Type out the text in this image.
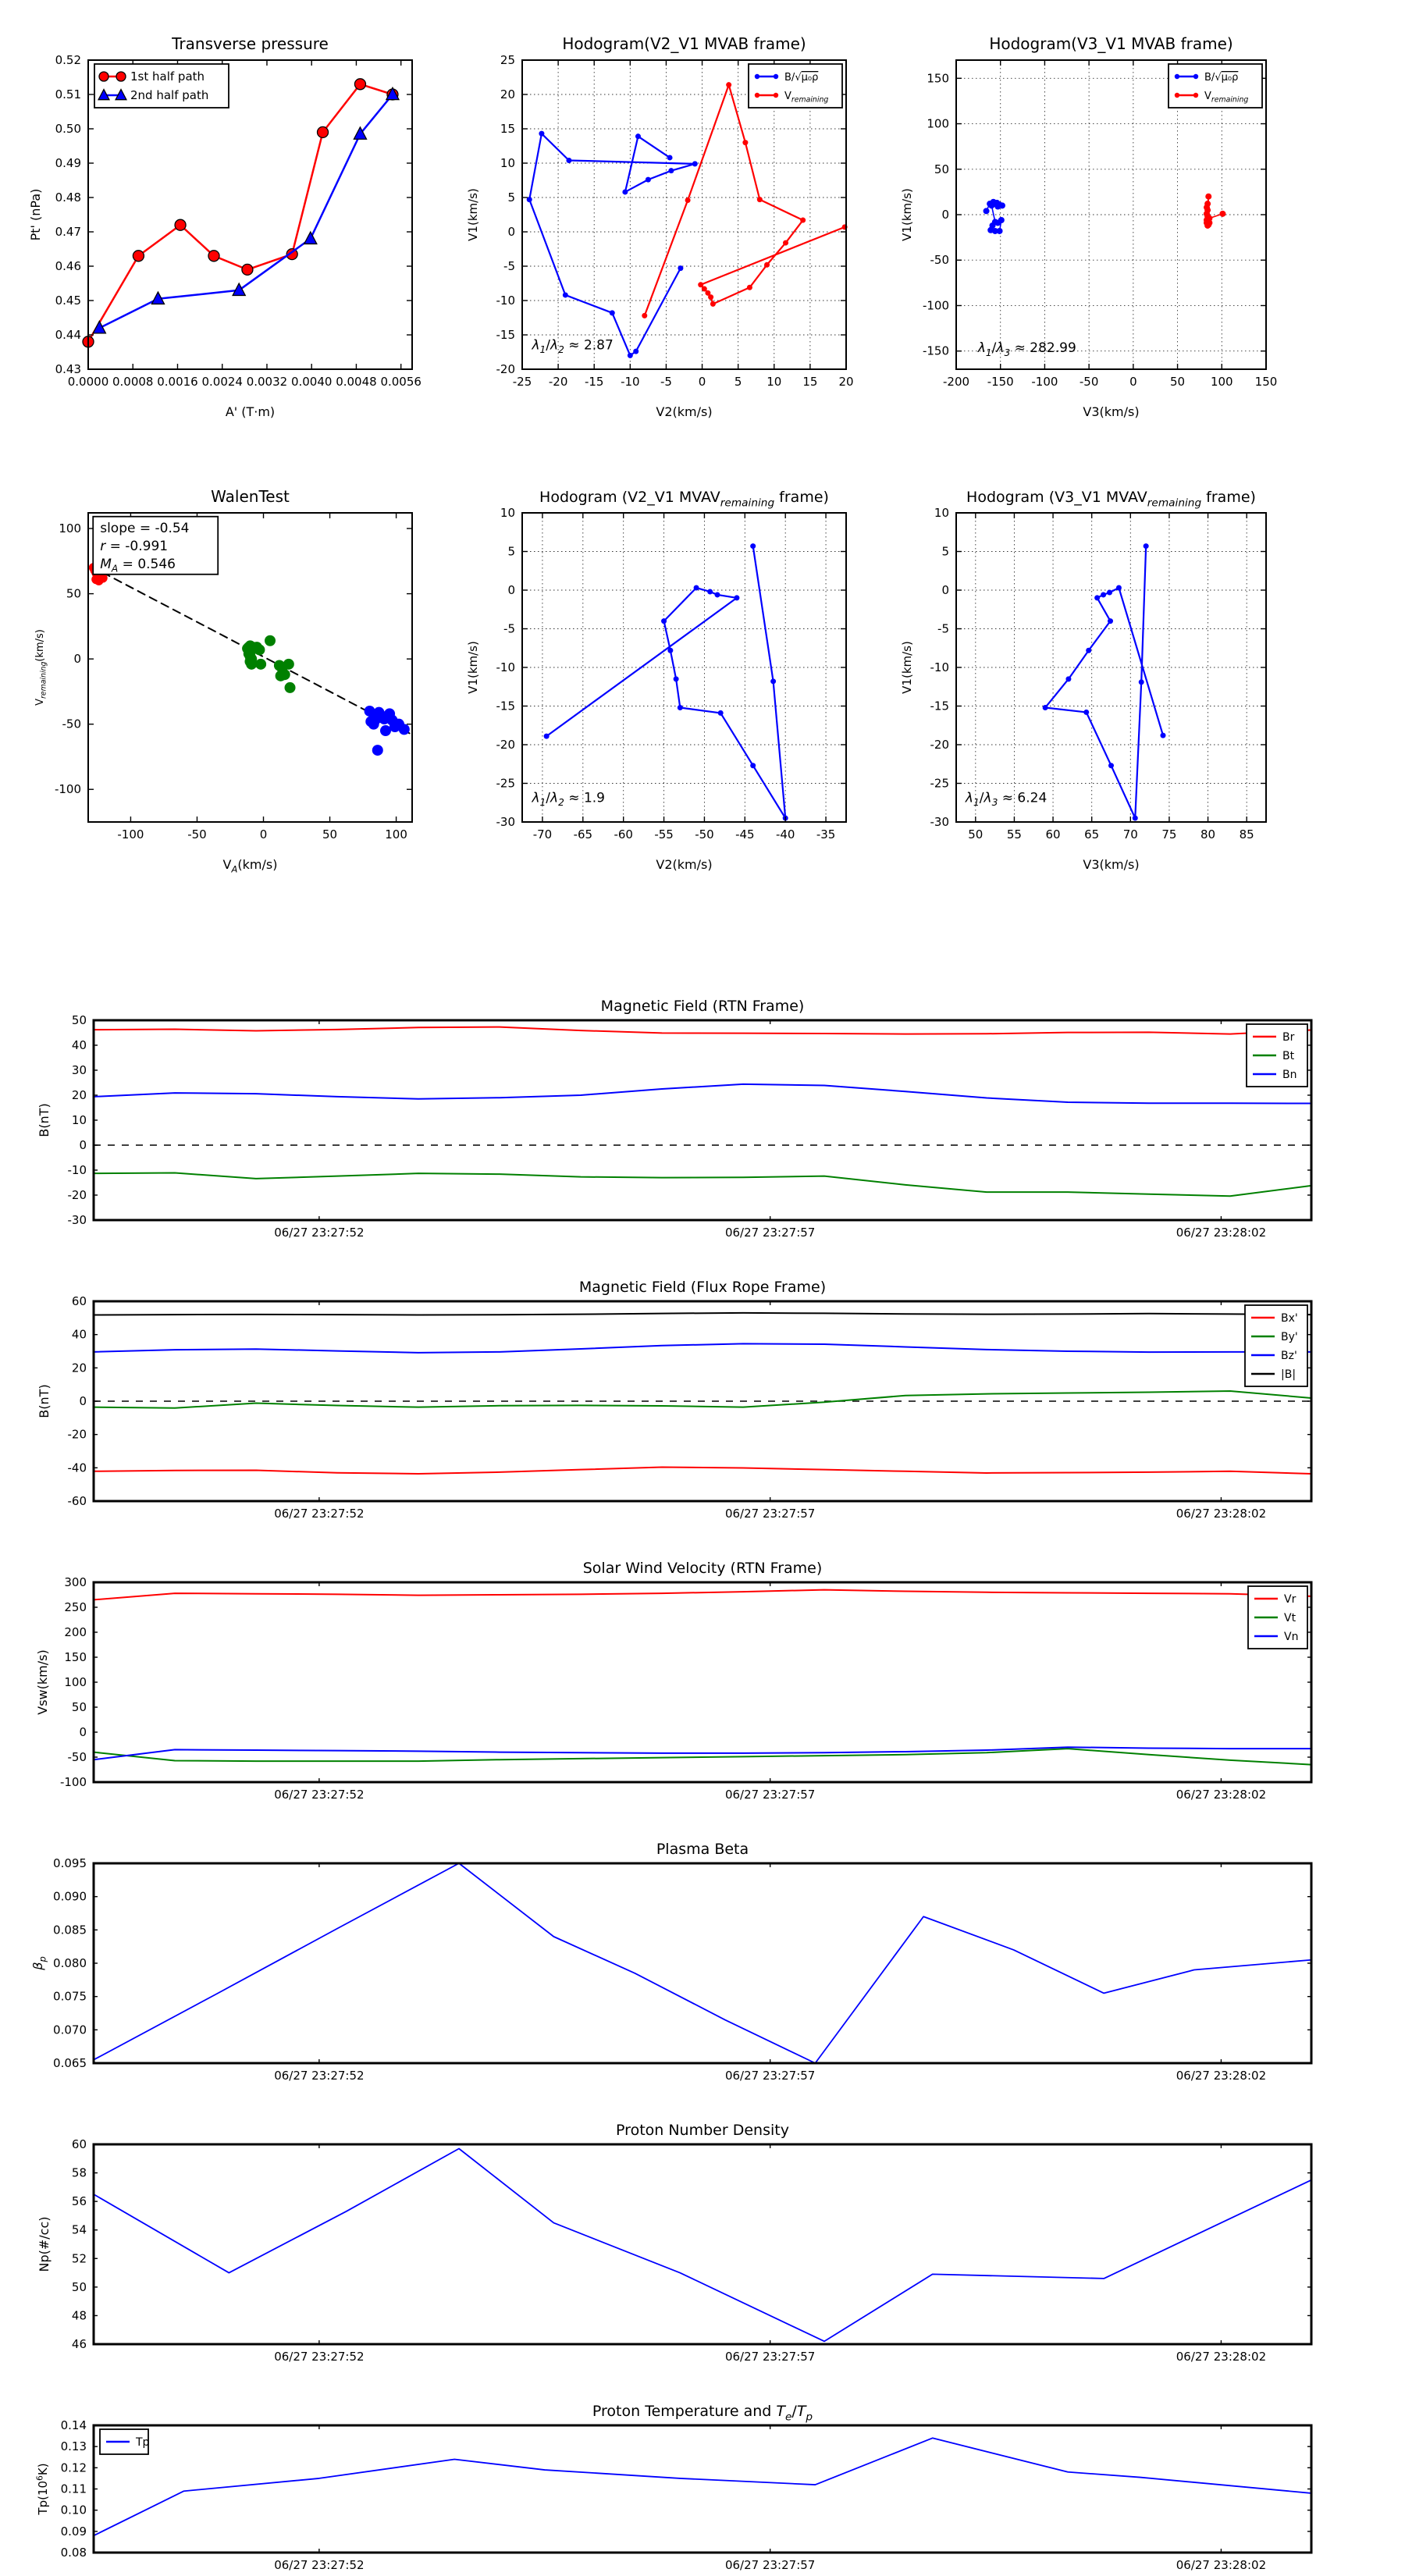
0.0000 0.0008 0.0016 0.0024 0.0032 0.0040 0.0048 0.0056
0.43
0.44
0.45
0.46
0.47
0.48
0.49
0.50
0.51
0.52
Transverse pressure
A' (T·m)
Pt' (nPa)
1st half path
2nd half path
-25 -20 -15 -10 -5 0 5 10 15 20
-20
-15
-10
-5
0
5
10
15
20
25
Hodogram(V2_V1 MVAB frame)
V2(km/s)
V1(km/s)
$\lambda_1/\lambda_2 \approx 2.87$
B/√μ₀ρ
$V_{remaining}$
-200 -150 -100 -50	0	50 100 150
-150
-100
-50
0
50
100
150
Hodogram(V3_V1 MVAB frame)
V3(km/s)
V1(km/s)
$\lambda_1/\lambda_3 \approx 282.99$
B/√μ₀ρ
$V_{remaining}$
-100	-50	0	50	100
-100
-50
0
50
100
WalenTest
$V_A(km/s)$
$V_{remaining}(km/s)$
slope = -0.54
r = -0.991
$M_A = 0.546$
-70 -65 -60 -55 -50 -45 -40 -35
-30
-25
-20
-15
-10
-5
0
5
10
Hodogram (V2_V1 $MVAV_{remaining}$ frame)
V2(km/s)
V1(km/s)
$\lambda_1/\lambda_2 \approx 1.9$
50 55 60 65 70 75 80 85
-30
-25
-20
-15
-10
-5
0
5
10
Hodogram (V3_V1 $MVAV_{remaining}$ frame)
V3(km/s)
V1(km/s)
$\lambda_1/\lambda_3 \approx 6.24$
06/27 23:27:52	06/27 23:27:57	06/27 23:28:02
-30
-20
-10
0
10
20
30
40
50
Magnetic Field (RTN Frame)
B(nT)
Br
Bt
Bn
06/27 23:27:52	06/27 23:27:57	06/27 23:28:02
-60
-40
-20
0
20
40
60
Magnetic Field (Flux Rope Frame)
B(nT)
Bx'
By'
Bz'
|B|
06/27 23:27:52	06/27 23:27:57	06/27 23:28:02
-100
-50
0
50
100
150
200
250
300
Solar Wind Velocity (RTN Frame)
Vsw(km/s)
Vr
Vt
Vn
06/27 23:27:52	06/27 23:27:57	06/27 23:28:02
0.065
0.070
0.075
0.080
0.085
0.090
0.095
Plasma Beta
$\beta_p$
06/27 23:27:52	06/27 23:27:57	06/27 23:28:02
46
48
50
52
54
56
58
60
Proton Number Density
Np(#/cc)
06/27 23:27:52	06/27 23:27:57	06/27 23:28:02
0.08
0.09
0.10
0.11
0.12
0.13
0.14
Proton Temperature and $T_e/T_p$
$Tp(10^6K)$
Tp
